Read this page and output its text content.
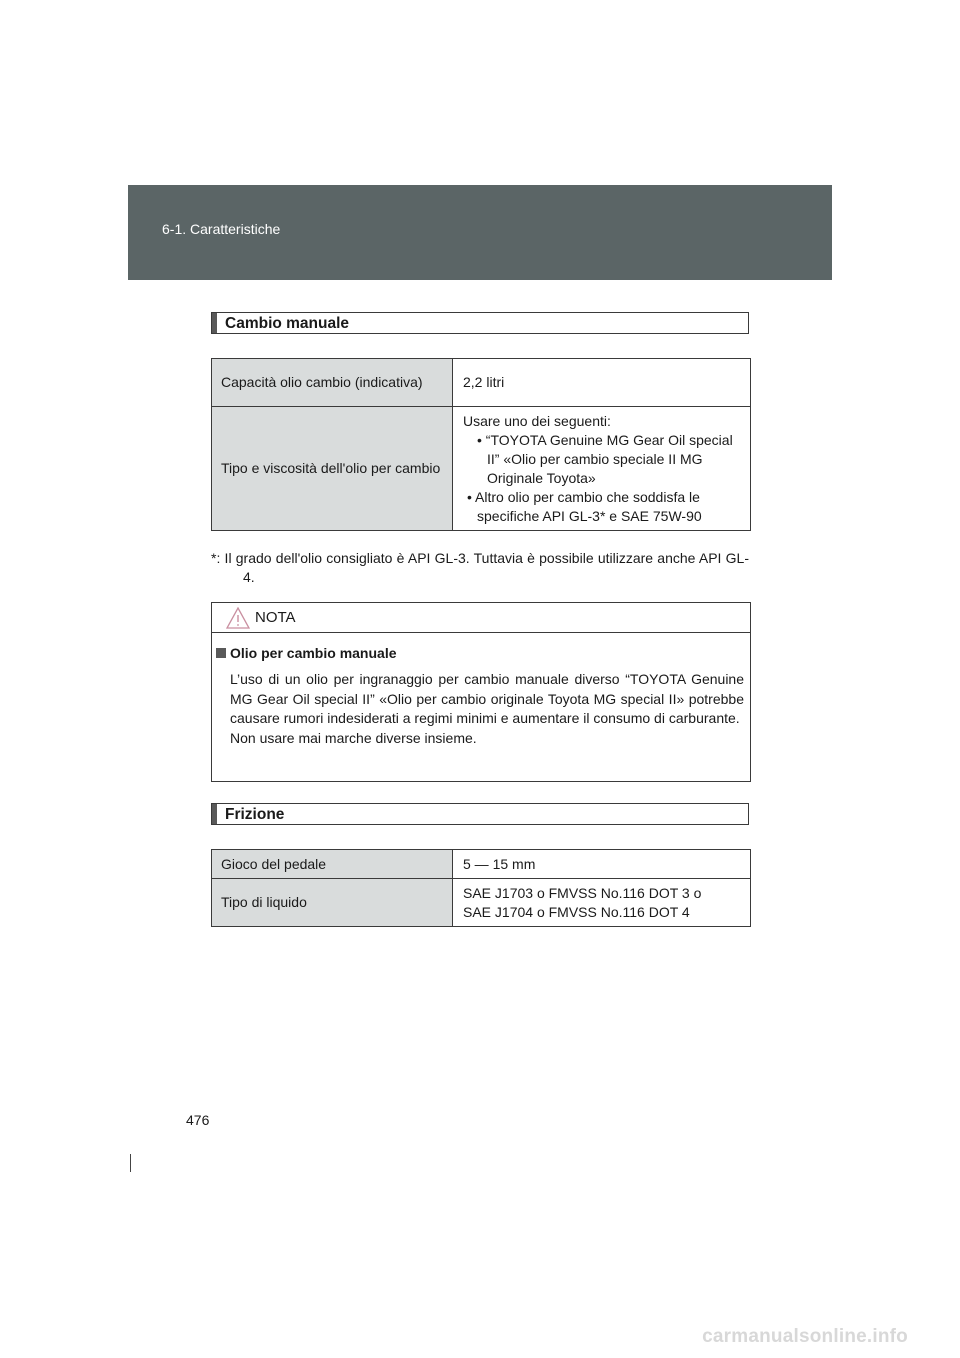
6-1. Caratteristiche
Cambio manuale
Capacità olio cambio (indicativa)	2,2 litri
Tipo e viscosità dell'olio per cambio	Usare uno dei seguenti:
• “TOYOTA Genuine MG Gear Oil special II” «Olio per cambio speciale II MG Originale Toyota»
• Altro olio per cambio che soddisfa le specifiche API GL-3* e SAE 75W-90

*: Il grado dell'olio consigliato è API GL-3. Tuttavia è possibile utilizzare anche API GL-4.

NOTA
Olio per cambio manuale

L’uso di un olio per ingranaggio per cambio manuale diverso “TOYOTA Genuine MG Gear Oil special II” «Olio per cambio originale Toyota MG special II» potrebbe causare rumori indesiderati a regimi minimi e aumentare il consumo di carburante.

Non usare mai marche diverse insieme.

Frizione
Gioco del pedale	5 — 15 mm
Tipo di liquido	SAE J1703 o FMVSS No.116 DOT 3 o
SAE J1704 o FMVSS No.116 DOT 4
476
carmanualsonline.info
